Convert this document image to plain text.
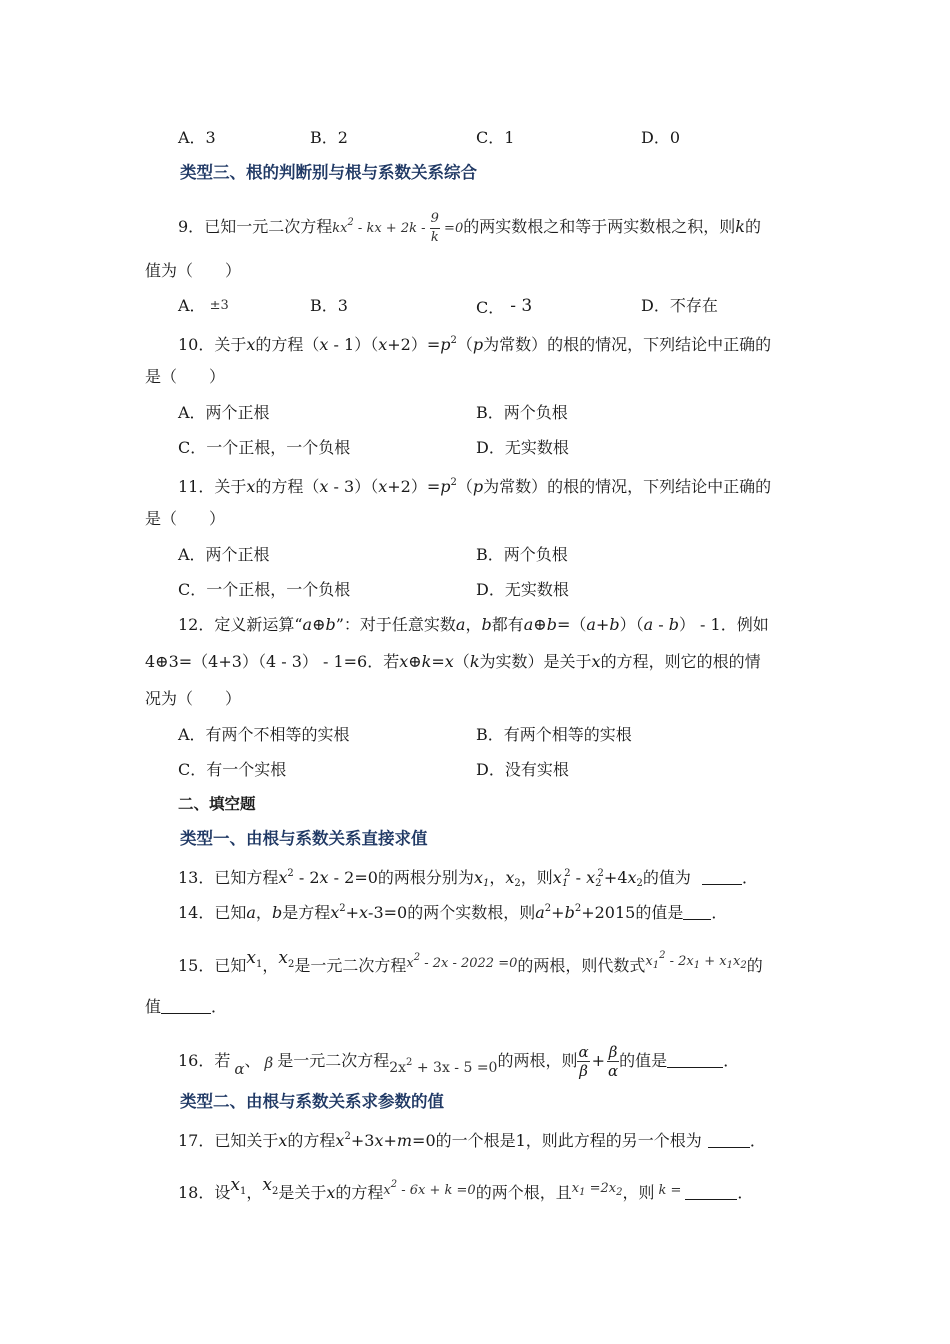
A．3	B．2	C．1	D．0
类型三、根的判断别与根与系数关系综合
9．已知一元二次方程$kx^2$ - kx + $2k - \frac{9}{k} =0$的两实数根之和等于两实数根之积，则k的
值为（　　）
A． ±3	B．3	C． - 3	D．不存在
10．关于x的方程$(x - 1)(x+2)=p^2(p$为常数）的根的情况，下列结论中正确的
是（　　）
A．两个正根	B．两个负根
C．一个正根，一个负根	D．无实数根
11．关于x的方程$(x - 3)(x+2)=p^2(p$为常数）的根的情况，下列结论中正确的
是（　　）
A．两个正根	B．两个负根
C．一个正根，一个负根	D．无实数根
12．定义新运算“a⊕b”：对于任意实数a，b都有a⊕b=（a+b）（a - b） - 1．例如
4⊕3=（4+3）（4 - 3） - 1=6．若x⊕k=x（k为实数）是关于x的方程，则它的根的情
况为（　　）
A．有两个不相等的实根	B．有两个相等的实根
C．有一个实根	D．没有实根
二、填空题
类型一、由根与系数关系直接求值
13．已知方程$x^2 - 2x - 2=0$的两根分别为$x_1$，$x_2$，则$x_1^2 - x_2^2+4x_2$的值为	．
14．已知a，b是方程$x^2+x-3=0$的两个实数根，则$a^2+b^2+2015$的值是 ．
15．已知$x^1$，$x^2$是一元二次方程$^{x^2 - 2x - 2022 =0}$的两根，则代数式$^{x_1^2 - 2x_1 + x_1x_2}$的
值	．
16．若 α、 β 是一元二次方程$2x^2 + 3x - 5 =0$的两根，则 $\frac{\alpha}{\beta} + \frac{\beta}{\alpha}$ 的值是	．
类型二、由根与系数关系求参数的值
17．已知关于x的方程$x^2+3x+m=0$的一个根是1，则此方程的另一个根为	．
18．设$x^1$，$x^2$是关于x的方程$^{x^2 - 6x + k =0}$的两个根，且$^{x_1 =2x_2}$，则 $^{k =}$	．
